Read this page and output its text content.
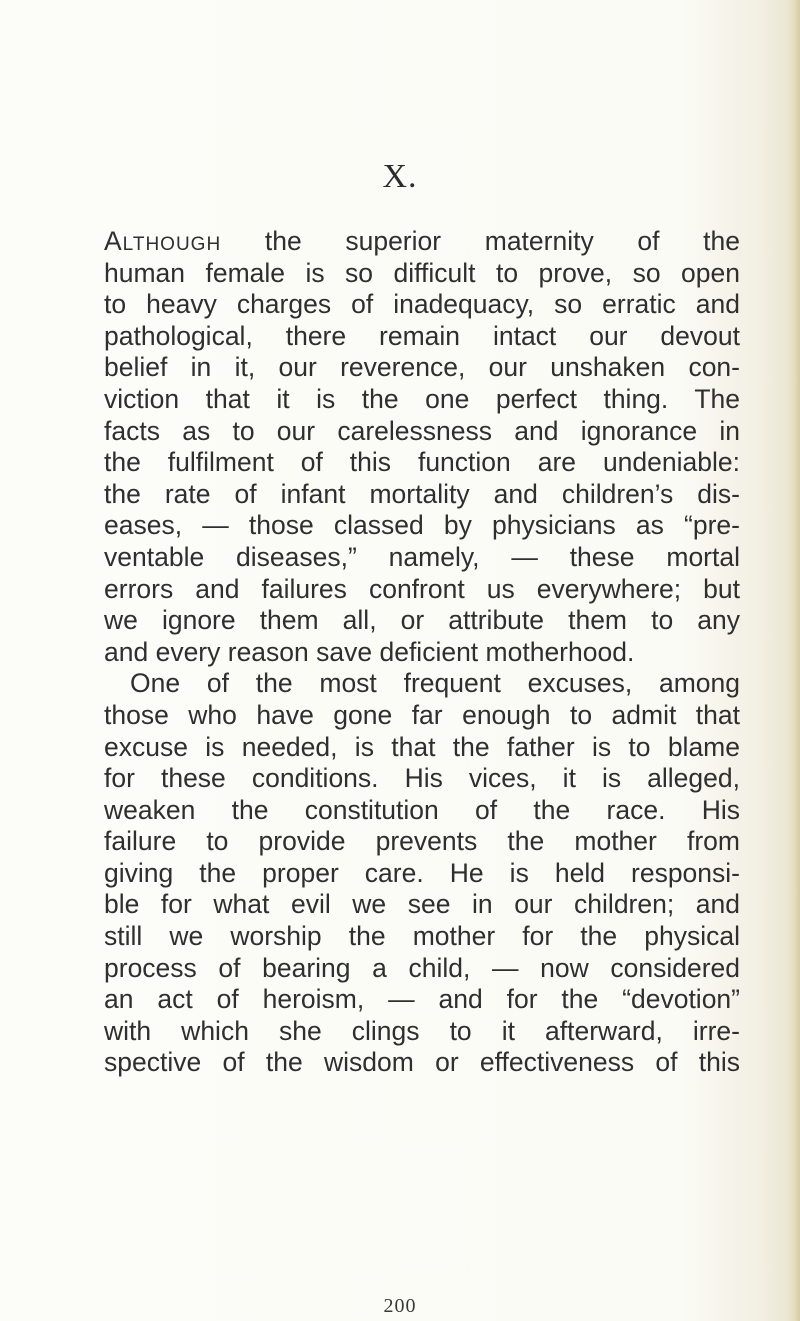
X.

Although the superior maternity of the
human female is so difficult to prove, so open
to heavy charges of inadequacy, so erratic and
pathological, there remain intact our devout
belief in it, our reverence, our unshaken con-
viction that it is the one perfect thing. The
facts as to our carelessness and ignorance in
the fulfilment of this function are undeniable:
the rate of infant mortality and children’s dis-
eases, — those classed by physicians as “pre-
ventable diseases,” namely, — these mortal
errors and failures confront us everywhere; but
we ignore them all, or attribute them to any
and every reason save deficient motherhood.

One of the most frequent excuses, among
those who have gone far enough to admit that
excuse is needed, is that the father is to blame
for these conditions. His vices, it is alleged,
weaken the constitution of the race. His
failure to provide prevents the mother from
giving the proper care. He is held responsi-
ble for what evil we see in our children; and
still we worship the mother for the physical
process of bearing a child, — now considered
an act of heroism, — and for the “devotion”
with which she clings to it afterward, irre-
spective of the wisdom or effectiveness of this

200
